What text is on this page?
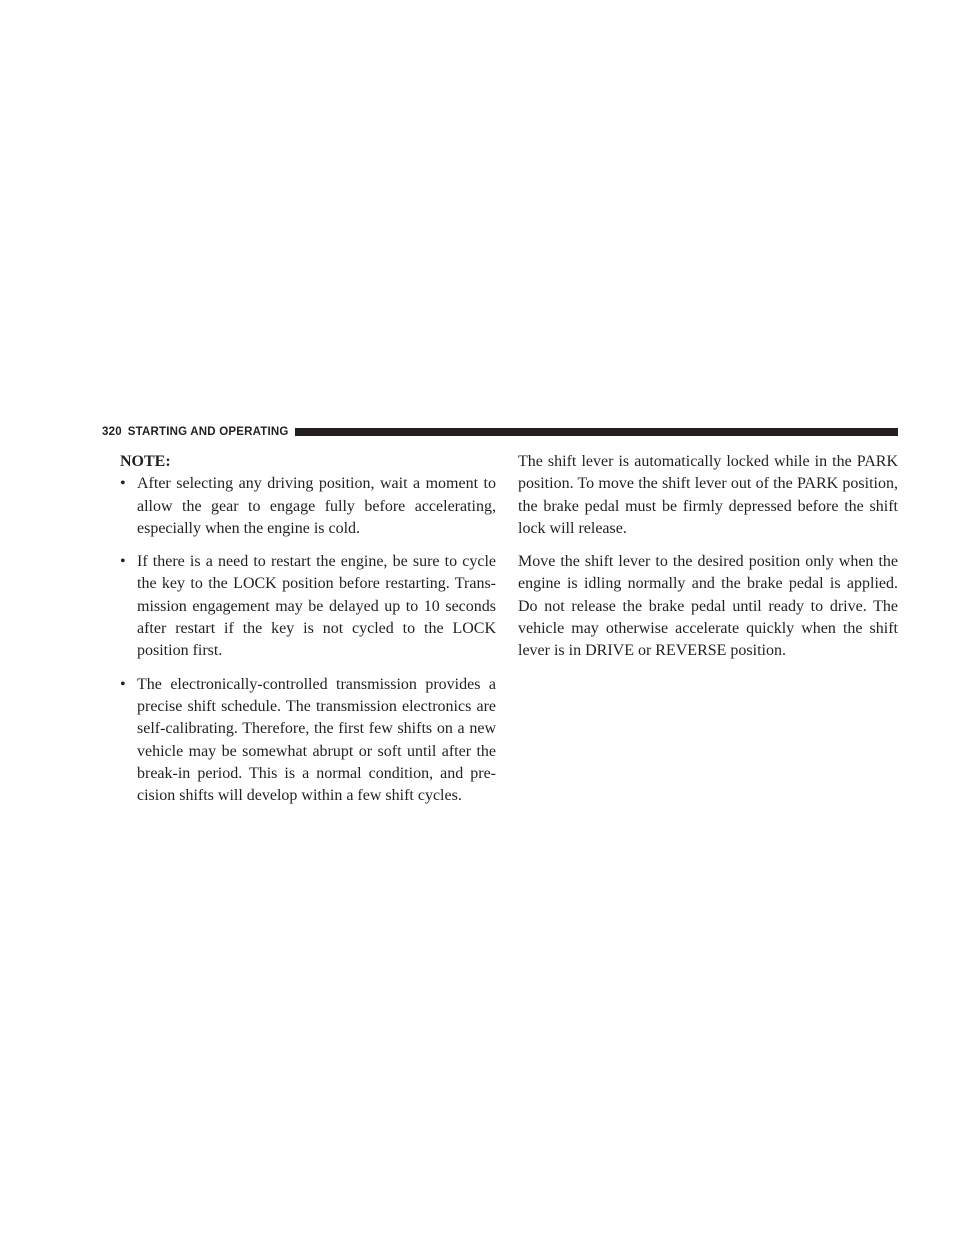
320 STARTING AND OPERATING

NOTE:

• After selecting any driving position, wait a moment to allow the gear to engage fully before accelerating, especially when the engine is cold.
• If there is a need to restart the engine, be sure to cycle the key to the LOCK position before restarting. Trans-mission engagement may be delayed up to 10 seconds after restart if the key is not cycled to the LOCK position first.
• The electronically-controlled transmission provides a precise shift schedule. The transmission electronics are self-calibrating. Therefore, the first few shifts on a new vehicle may be somewhat abrupt or soft until after the break-in period. This is a normal condition, and pre-cision shifts will develop within a few shift cycles.

The shift lever is automatically locked while in the PARK position. To move the shift lever out of the PARK position, the brake pedal must be firmly depressed before the shift lock will release.

Move the shift lever to the desired position only when the engine is idling normally and the brake pedal is applied. Do not release the brake pedal until ready to drive. The vehicle may otherwise accelerate quickly when the shift lever is in DRIVE or REVERSE position.
